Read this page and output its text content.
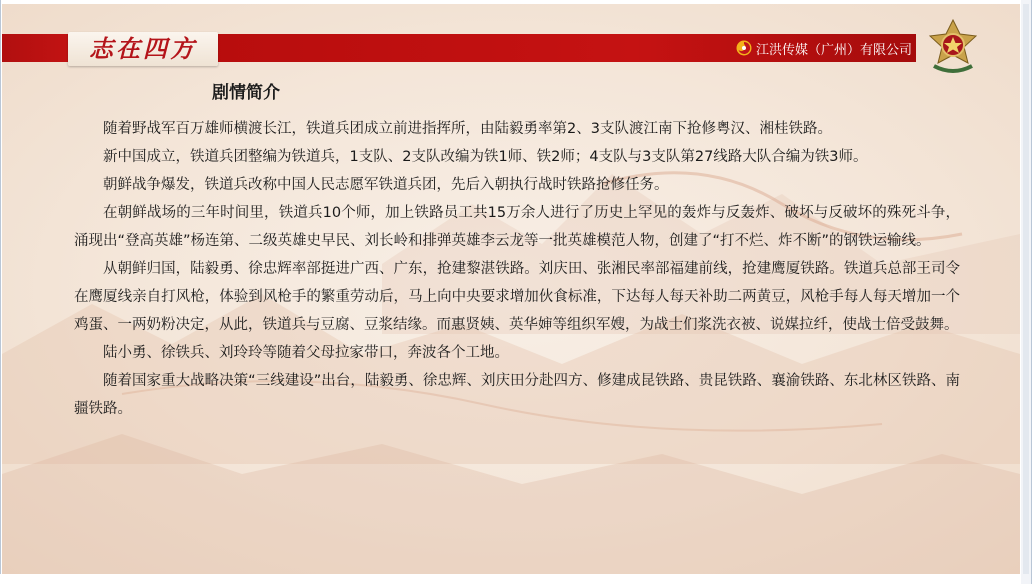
志在四方	江洪传媒（广州）有限公司
剧情简介

随着野战军百万雄师横渡长江，铁道兵团成立前进指挥所，由陆毅勇率第2、3支队渡江南下抢修粤汉、湘桂铁路。

新中国成立，铁道兵团整编为铁道兵，1支队、2支队改编为铁1师、铁2师；4支队与3支队第27线路大队合编为铁3师。

朝鲜战争爆发，铁道兵改称中国人民志愿军铁道兵团，先后入朝执行战时铁路抢修任务。

在朝鲜战场的三年时间里，铁道兵10个师，加上铁路员工共15万余人进行了历史上罕见的轰炸与反轰炸、破坏与反破坏的殊死斗争，涌现出“登高英雄”杨连第、二级英雄史早民、刘长岭和排弹英雄李云龙等一批英雄模范人物，创建了“打不烂、炸不断”的钢铁运输线。

从朝鲜归国，陆毅勇、徐忠辉率部挺进广西、广东，抢建黎湛铁路。刘庆田、张湘民率部福建前线，抢建鹰厦铁路。铁道兵总部王司令在鹰厦线亲自打风枪，体验到风枪手的繁重劳动后，马上向中央要求增加伙食标准，下达每人每天补助二两黄豆，风枪手每人每天增加一个鸡蛋、一两奶粉决定，从此，铁道兵与豆腐、豆浆结缘。而惠贤姨、英华婶等组织军嫂，为战士们浆洗衣被、说媒拉纤，使战士倍受鼓舞。

陆小勇、徐铁兵、刘玲玲等随着父母拉家带口，奔波各个工地。

随着国家重大战略决策“三线建设”出台，陆毅勇、徐忠辉、刘庆田分赴四方、修建成昆铁路、贵昆铁路、襄渝铁路、东北林区铁路、南疆铁路。
